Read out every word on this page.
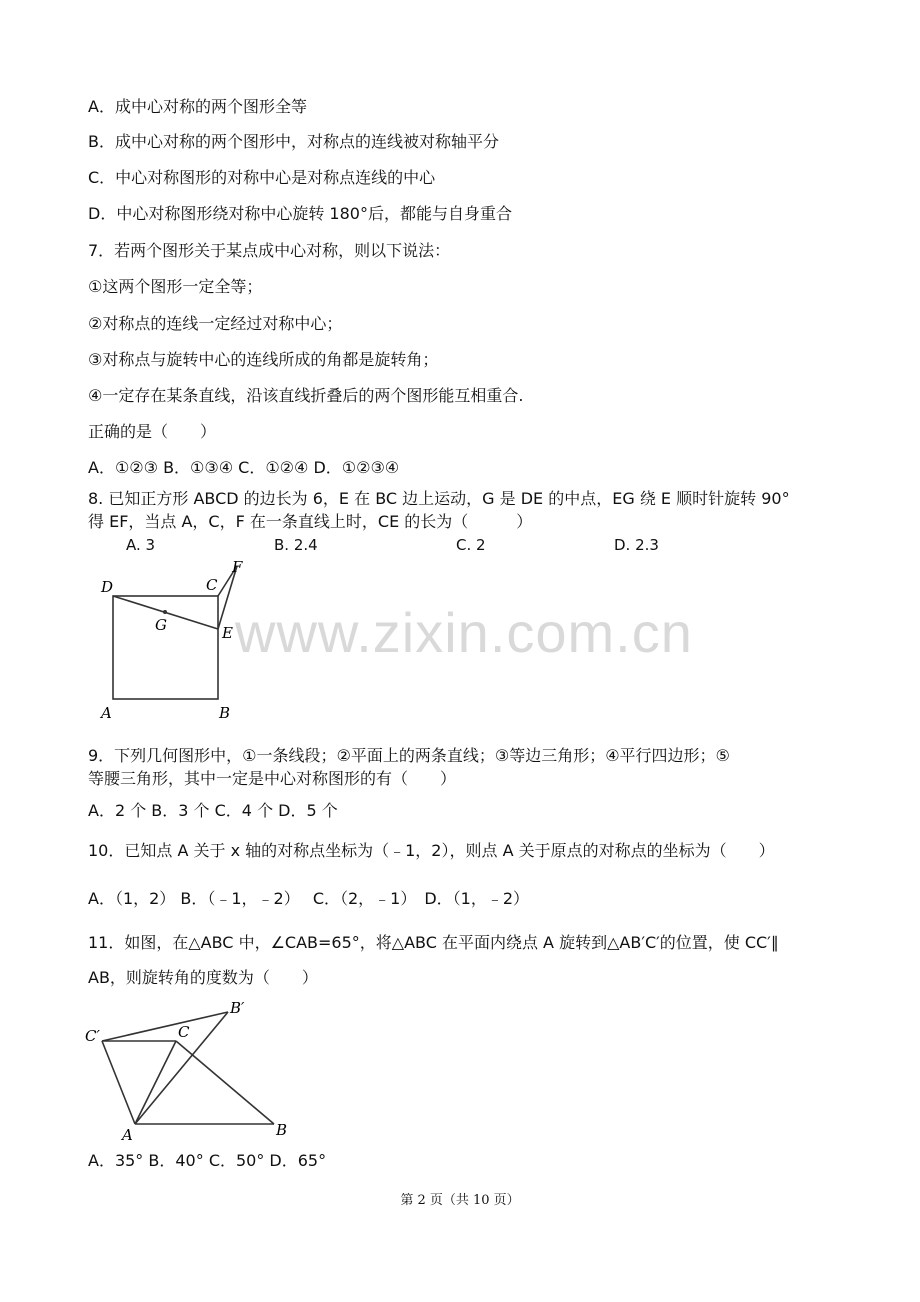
www.zixin.com.cn
A．成中心对称的两个图形全等
B．成中心对称的两个图形中，对称点的连线被对称轴平分
C．中心对称图形的对称中心是对称点连线的中心
D．中心对称图形绕对称中心旋转 180°后，都能与自身重合
7．若两个图形关于某点成中心对称，则以下说法：
①这两个图形一定全等；
②对称点的连线一定经过对称中心；
③对称点与旋转中心的连线所成的角都是旋转角；
④一定存在某条直线，沿该直线折叠后的两个图形能互相重合.
正确的是（　　）
A．①②③ B．①③④ C．①②④ D．①②③④
8. 已知正方形 ABCD 的边长为 6，E 在 BC 边上运动，G 是 DE 的中点，EG 绕 E 顺时针旋转 90°
得 EF，当点 A，C，F 在一条直线上时，CE 的长为（　　　）
A. 3	B. 2.4	C. 2	D. 2.3
D	C
F
G	E
A	B
9．下列几何图形中，①一条线段；②平面上的两条直线；③等边三角形；④平行四边形；⑤
等腰三角形，其中一定是中心对称图形的有（　　）
A．2 个 B．3 个 C．4 个 D．5 个
10．已知点 A 关于 x 轴的对称点坐标为（﹣1，2），则点 A 关于原点的对称点的坐标为（　　）
A．（1，2） B．（﹣1，﹣2）　 C．（2，﹣1）　D．（1，﹣2）
11．如图，在△ABC 中，∠CAB=65°，将△ABC 在平面内绕点 A 旋转到△AB′C′的位置，使 CC′∥
AB，则旋转角的度数为（　　）
C′	C
B′
A	B
A．35° B．40° C．50° D．65°
第 2 页（共 10 页）
